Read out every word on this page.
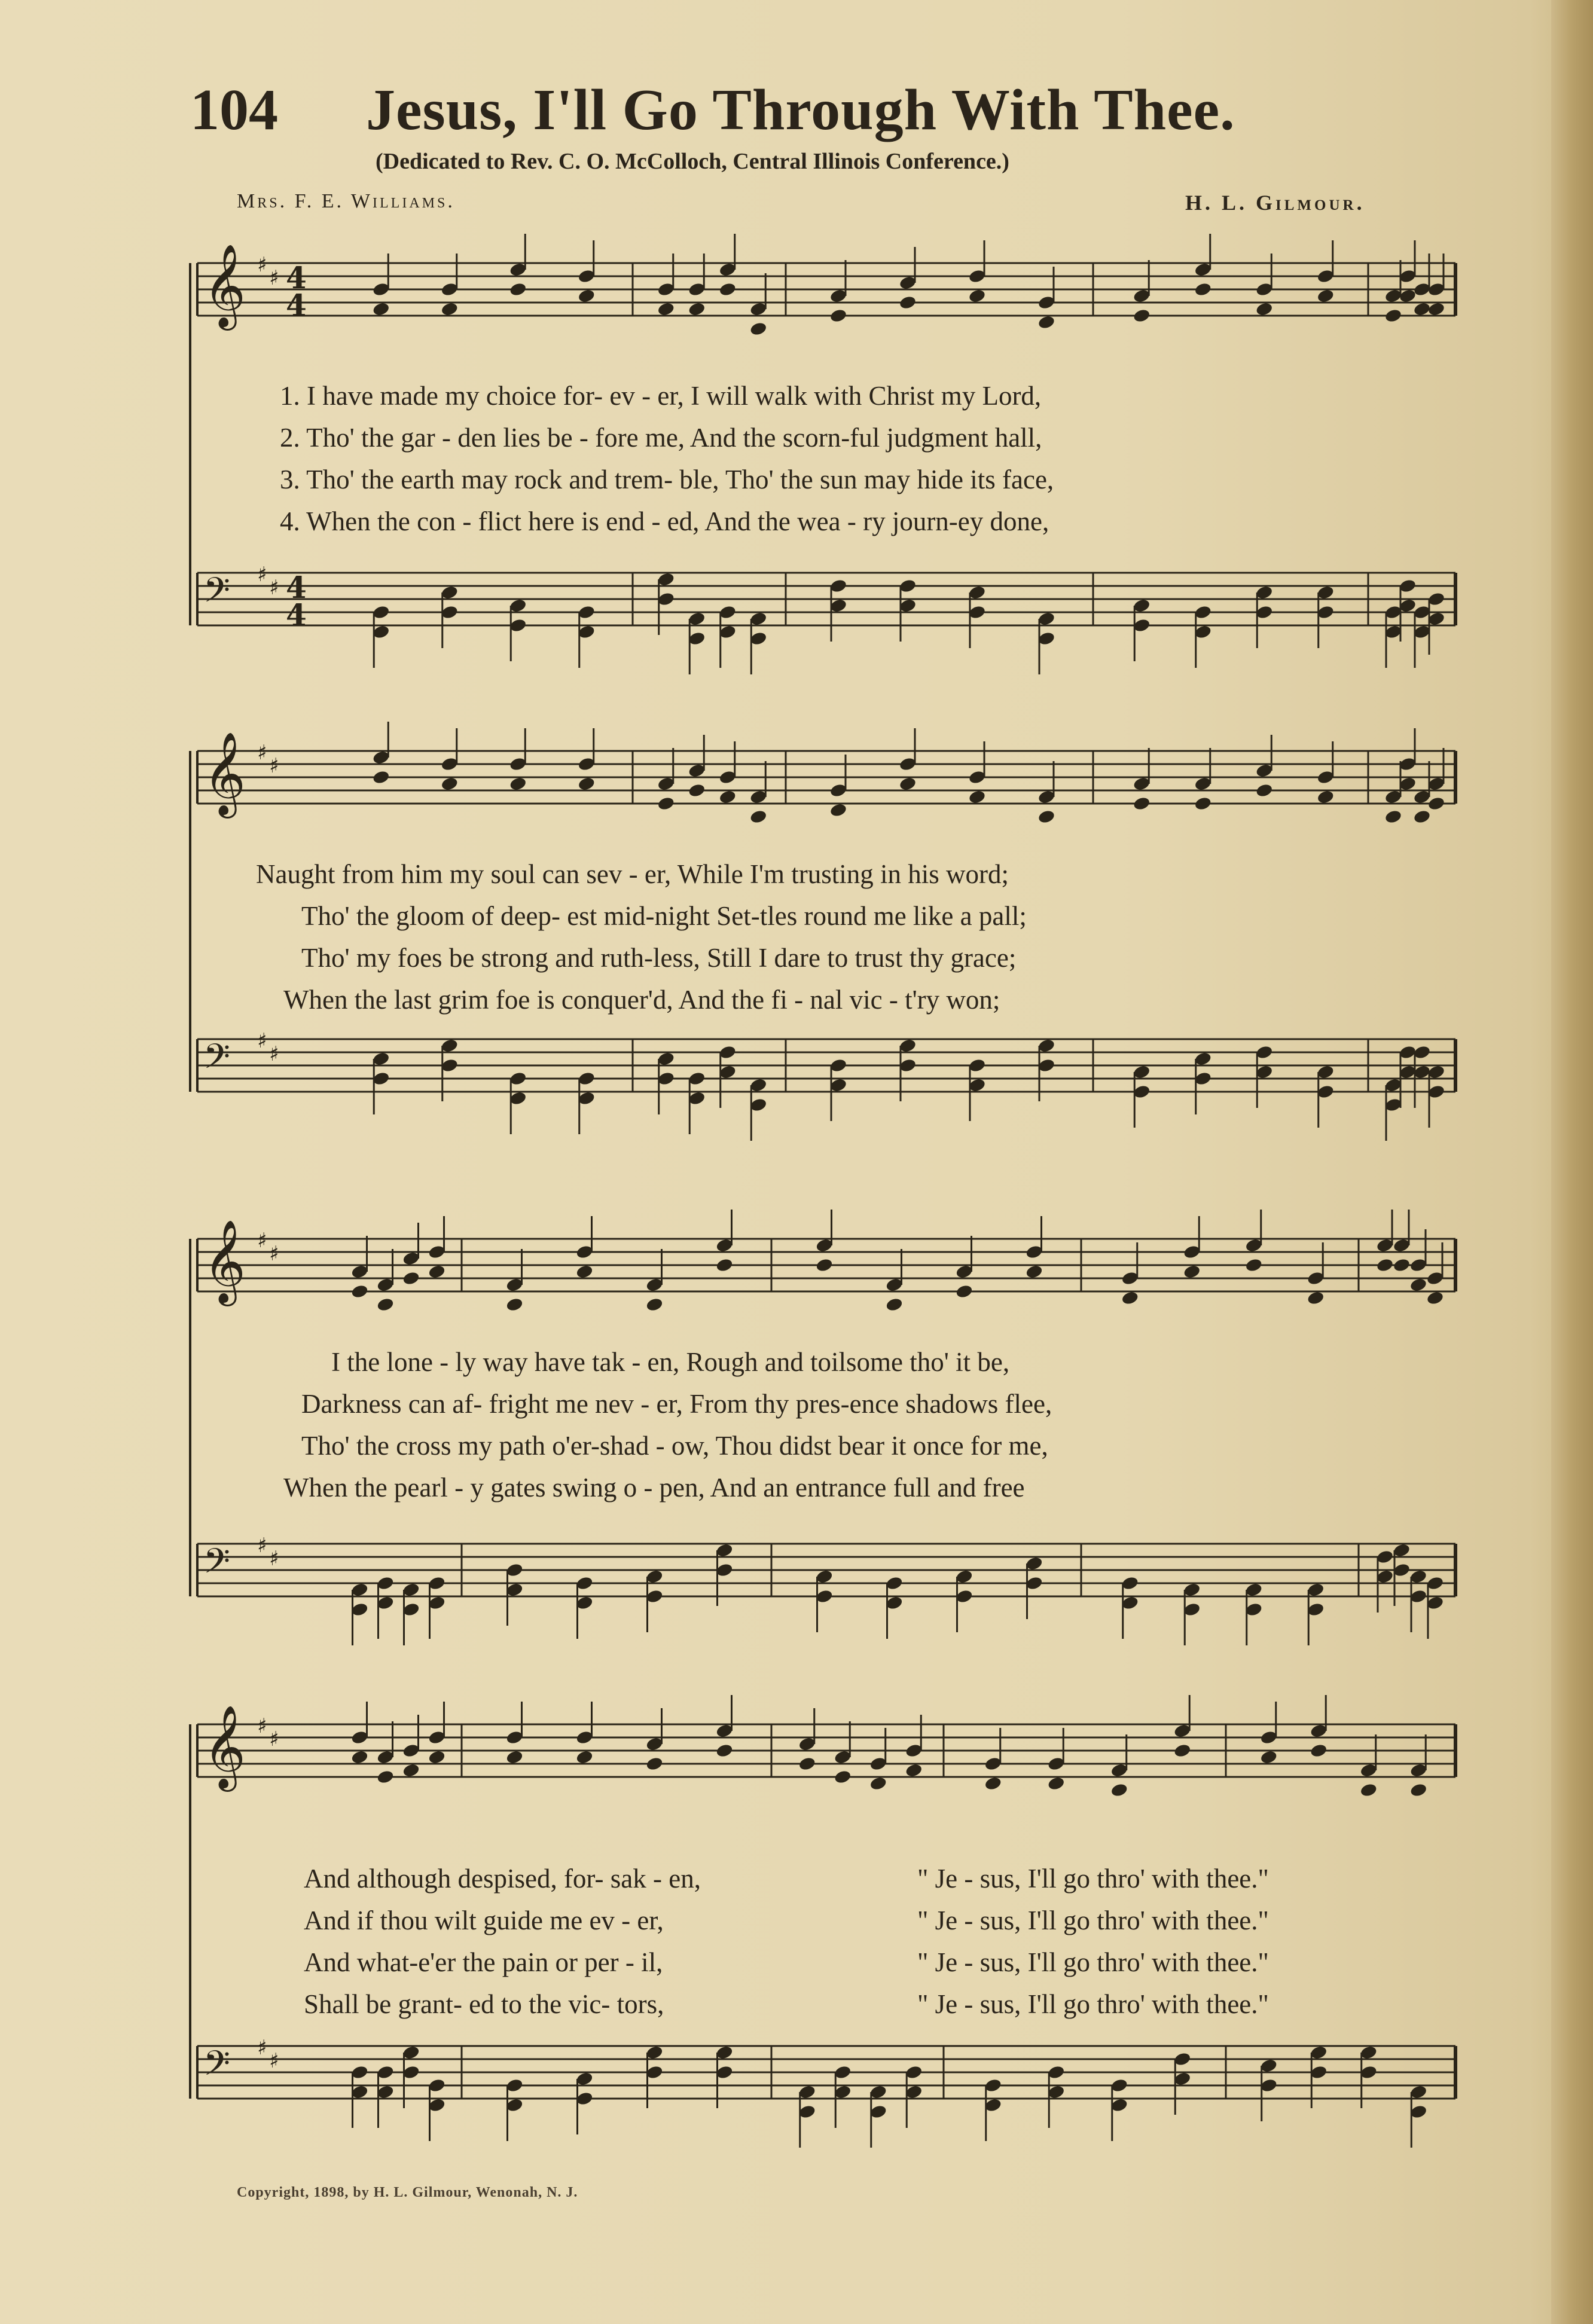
104 Jesus, I'll Go Through With Thee.
(Dedicated to Rev. C. O. McColloch, Central Illinois Conference.)
Mrs. F. E. Williams.	H. L. Gilmour.
𝄞 ♯
♯ 4
4
𝄢 ♯
♯ 4
4
𝄞 ♯
♯
𝄢 ♯
♯
𝄞 ♯
♯
𝄢 ♯
♯
𝄞 ♯
♯
𝄢 ♯
♯
1. I have made my choice for- ev - er, I will walk with Christ my Lord,
2. Tho' the gar - den lies be - fore me, And the scorn-ful judgment hall,
3. Tho' the earth may rock and trem- ble, Tho' the sun may hide its face,
4. When the con - flict here is end - ed, And the wea - ry journ-ey done,
Naught from him my soul can sev - er, While I'm trusting in his word;
Tho' the gloom of deep- est mid-night Set-tles round me like a pall;
Tho' my foes be strong and ruth-less, Still I dare to trust thy grace;
When the last grim foe is conquer'd, And the fi - nal vic - t'ry won;
I the lone - ly way have tak - en, Rough and toilsome tho' it be,
Darkness can af- fright me nev - er, From thy pres-ence shadows flee,
Tho' the cross my path o'er-shad - ow, Thou didst bear it once for me,
When the pearl - y gates swing o - pen, And an entrance full and free
And although despised, for- sak - en,
And if thou wilt guide me ev - er,
And what-e'er the pain or per - il,
Shall be grant- ed to the vic- tors,
" Je - sus, I'll go thro' with thee."
" Je - sus, I'll go thro' with thee."
" Je - sus, I'll go thro' with thee."
" Je - sus, I'll go thro' with thee."
Copyright, 1898, by H. L. Gilmour, Wenonah, N. J.
